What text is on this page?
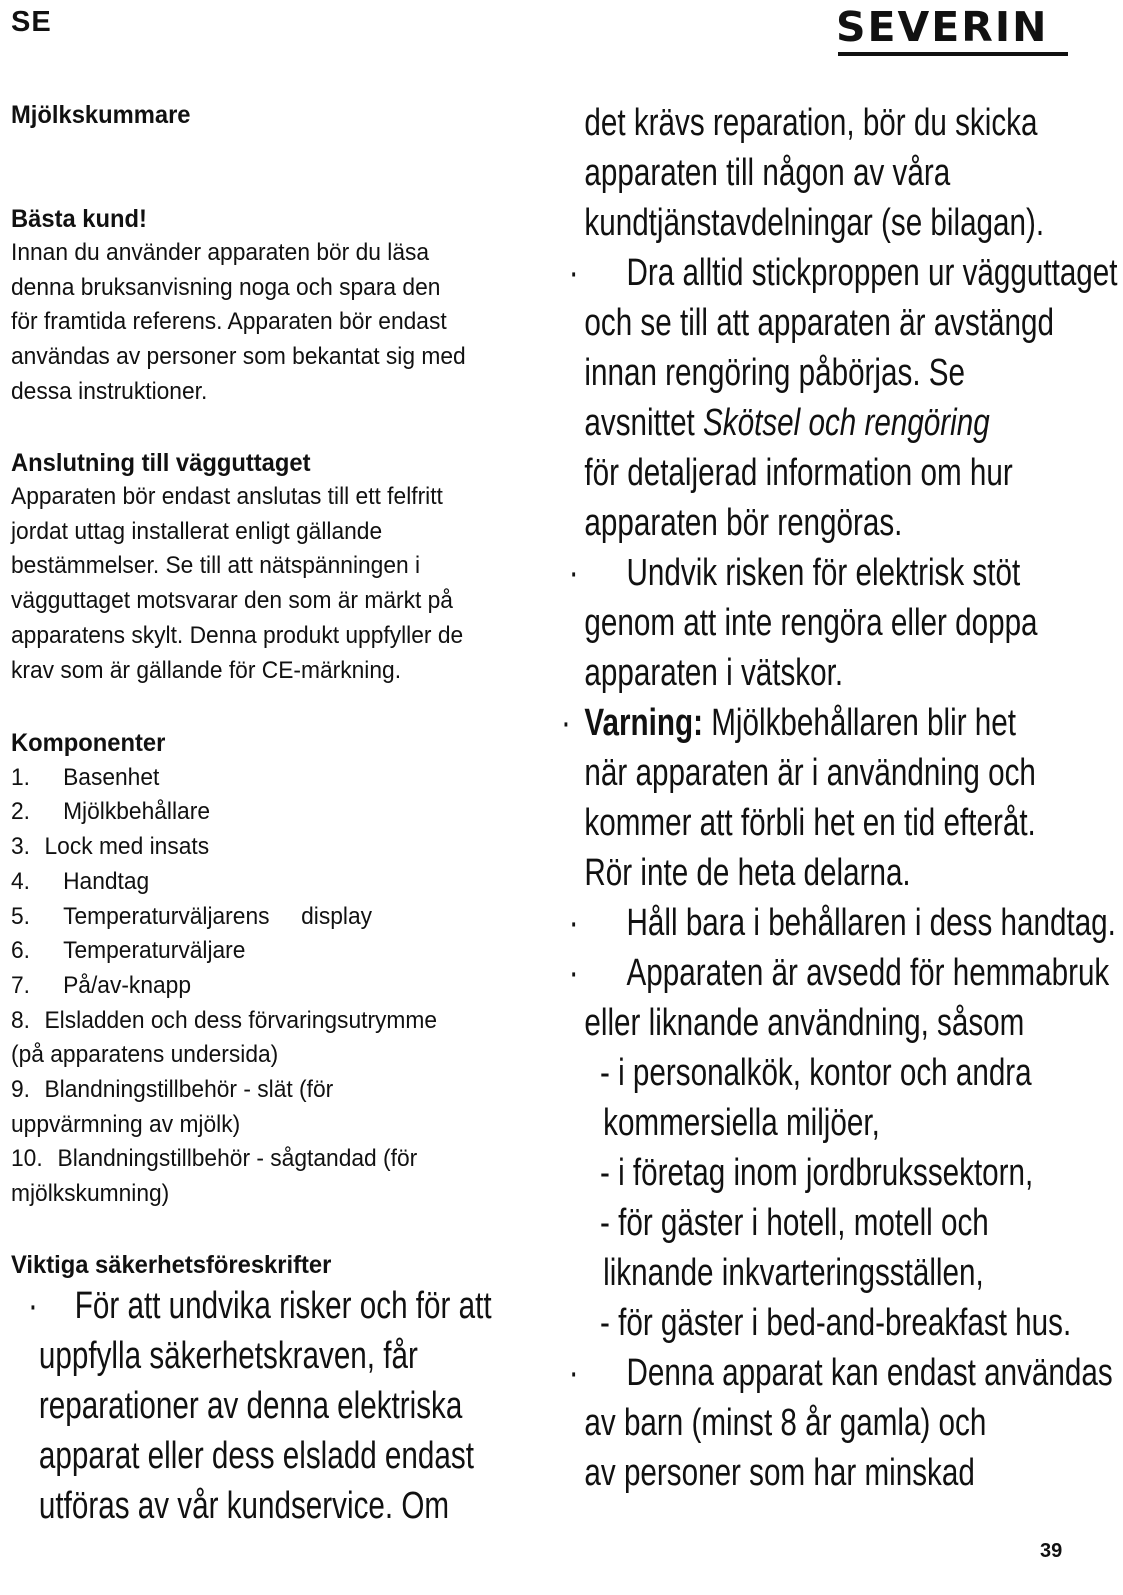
SE	SEVERIN
Mjölkskummare
Bästa kund!
Innan du använder apparaten bör du läsa
denna bruksanvisning noga och spara den
för framtida referens. Apparaten bör endast
användas av personer som bekantat sig med
dessa instruktioner.
Anslutning till vägguttaget
Apparaten bör endast anslutas till ett felfritt
jordat uttag installerat enligt gällande
bestämmelser. Se till att nätspänningen i
vägguttaget motsvarar den som är märkt på
apparatens skylt. Denna produkt uppfyller de
krav som är gällande för CE-märkning.
Komponenter
1.	Basenhet
2.	Mjölkbehållare
3. Lock med insats
4.	Handtag
5.	Temperaturväljarens display
6.	Temperaturväljare
7.	På/av-knapp
8. Elsladden och dess förvaringsutrymme
(på apparatens undersida)
9. Blandningstillbehör - slät (för
uppvärmning av mjölk)
10. Blandningstillbehör - sågtandad (för
mjölkskumning)
Viktiga säkerhetsföreskrifter
· För att undvika risker och för att
uppfylla säkerhetskraven, får
reparationer av denna elektriska
apparat eller dess elsladd endast
utföras av vår kundservice. Om
det krävs reparation, bör du skicka
apparaten till någon av våra
kundtjänstavdelningar (se bilagan).
· Dra alltid stickproppen ur vägguttaget
och se till att apparaten är avstängd
innan rengöring påbörjas. Se
avsnittet Skötsel och rengöring
för detaljerad information om hur
apparaten bör rengöras.
· Undvik risken för elektrisk stöt
genom att inte rengöra eller doppa
apparaten i vätskor.
· Varning: Mjölkbehållaren blir het
när apparaten är i användning och
kommer att förbli het en tid efteråt.
Rör inte de heta delarna.
· Håll bara i behållaren i dess handtag.
· Apparaten är avsedd för hemmabruk
eller liknande användning, såsom
- i personalkök, kontor och andra
kommersiella miljöer,
- i företag inom jordbrukssektorn,
- för gäster i hotell, motell och
liknande inkvarteringsställen,
- för gäster i bed-and-breakfast hus.
· Denna apparat kan endast användas
av barn (minst 8 år gamla) och
av personer som har minskad
39
